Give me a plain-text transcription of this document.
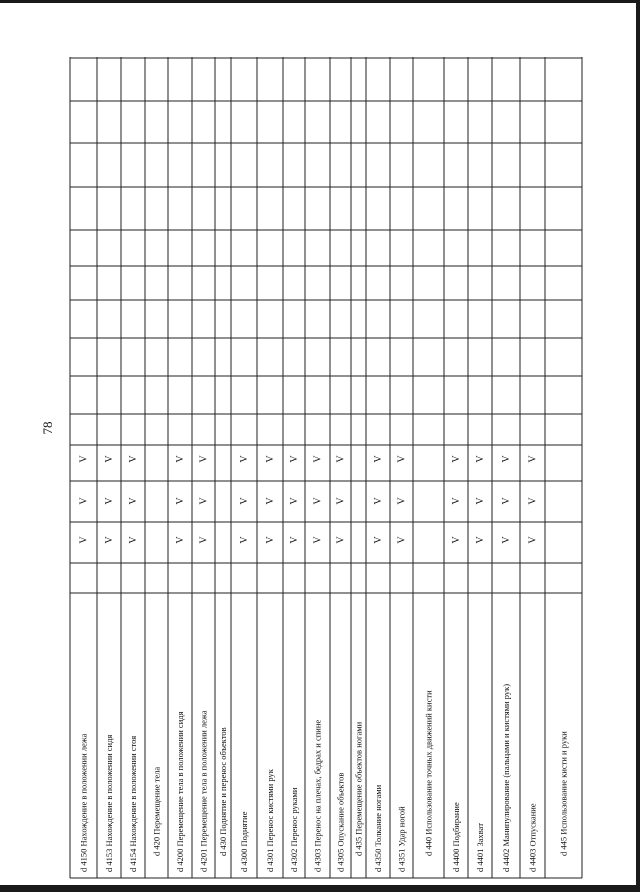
78
d 4150 Нахождение в положении лежа
V
V
V
d 4153 Нахождение в положении сидя
V
V
V
d 4154 Нахождение в положении стоя
V
V
V
d 420 Перемещение тела d 4200 Перемещение тела в положении сидя
V
V
V
d 4201 Перемещение тела в положении лежа
V
V
V
d 430 Поднятие и перенос объектов d 4300 Поднятие
V
V
V
d 4301 Перенос кистями рук
V
V
V
d 4302 Перенос руками
V
V
V
d 4303 Перенос на плечах, бедрах и спине
V
V
V
d 4305 Опускание объектов
V
V
V
d 435 Перемещение объектов ногами d 4350 Толкание ногами
V
V
V
d 4351 Удар ногой
V
V
V
d 440 Использование точных движений кисти d 4400 Подбирание
V
V
V
d 4401 Захват
V
V
V
d 4402 Манипулирование (пальцами и кистями рук)
V
V
V
d 4403 Отпускание
V
V
V
d 445 Использование кисти и руки
